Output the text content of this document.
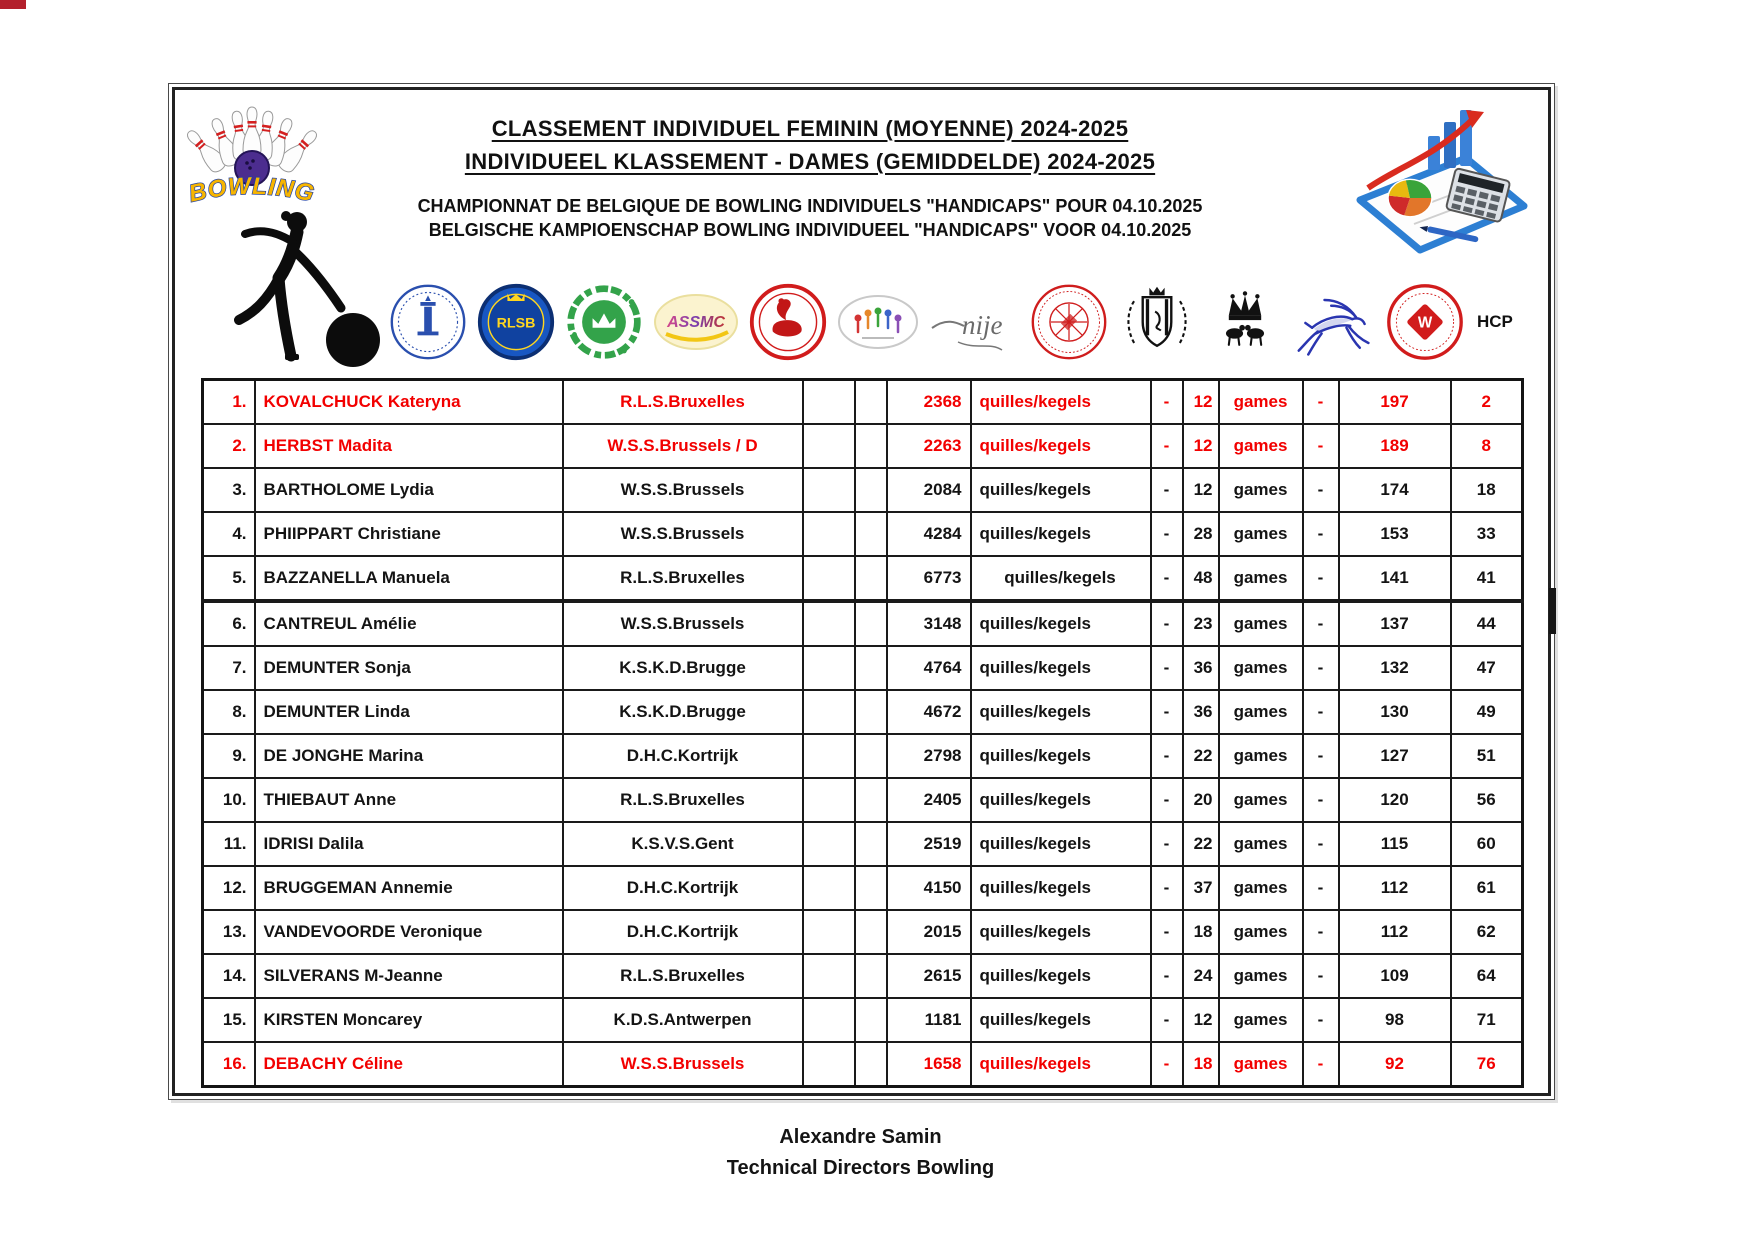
BOWLING
CLASSEMENT INDIVIDUEL FEMININ (MOYENNE) 2024-2025
INDIVIDUEEL KLASSEMENT - DAMES (GEMIDDELDE) 2024-2025
CHAMPIONNAT DE BELGIQUE DE BOWLING INDIVIDUELS "HANDICAPS" POUR 04.10.2025
BELGISCHE KAMPIOENSCHAP BOWLING INDIVIDUEEL "HANDICAPS" VOOR 04.10.2025
RLSB	ASSMC	nije	W	HCP
1.	KOVALCHUCK Kateryna	R.L.S.Bruxelles			2368	quilles/kegels	-	12	games	-	197	2
2.	HERBST Madita	W.S.S.Brussels / D			2263	quilles/kegels	-	12	games	-	189	8
3.	BARTHOLOME Lydia	W.S.S.Brussels			2084	quilles/kegels	-	12	games	-	174	18
4.	PHIIPPART Christiane	W.S.S.Brussels			4284	quilles/kegels	-	28	games	-	153	33
5.	BAZZANELLA Manuela	R.L.S.Bruxelles			6773	quilles/kegels	-	48	games	-	141	41
6.	CANTREUL Amélie	W.S.S.Brussels			3148	quilles/kegels	-	23	games	-	137	44
7.	DEMUNTER Sonja	K.S.K.D.Brugge			4764	quilles/kegels	-	36	games	-	132	47
8.	DEMUNTER Linda	K.S.K.D.Brugge			4672	quilles/kegels	-	36	games	-	130	49
9.	DE JONGHE Marina	D.H.C.Kortrijk			2798	quilles/kegels	-	22	games	-	127	51
10.	THIEBAUT Anne	R.L.S.Bruxelles			2405	quilles/kegels	-	20	games	-	120	56
11.	IDRISI Dalila	K.S.V.S.Gent			2519	quilles/kegels	-	22	games	-	115	60
12.	BRUGGEMAN Annemie	D.H.C.Kortrijk			4150	quilles/kegels	-	37	games	-	112	61
13.	VANDEVOORDE Veronique	D.H.C.Kortrijk			2015	quilles/kegels	-	18	games	-	112	62
14.	SILVERANS M-Jeanne	R.L.S.Bruxelles			2615	quilles/kegels	-	24	games	-	109	64
15.	KIRSTEN Moncarey	K.D.S.Antwerpen			1181	quilles/kegels	-	12	games	-	98	71
16.	DEBACHY Céline	W.S.S.Brussels			1658	quilles/kegels	-	18	games	-	92	76
Alexandre Samin
Technical Directors Bowling
